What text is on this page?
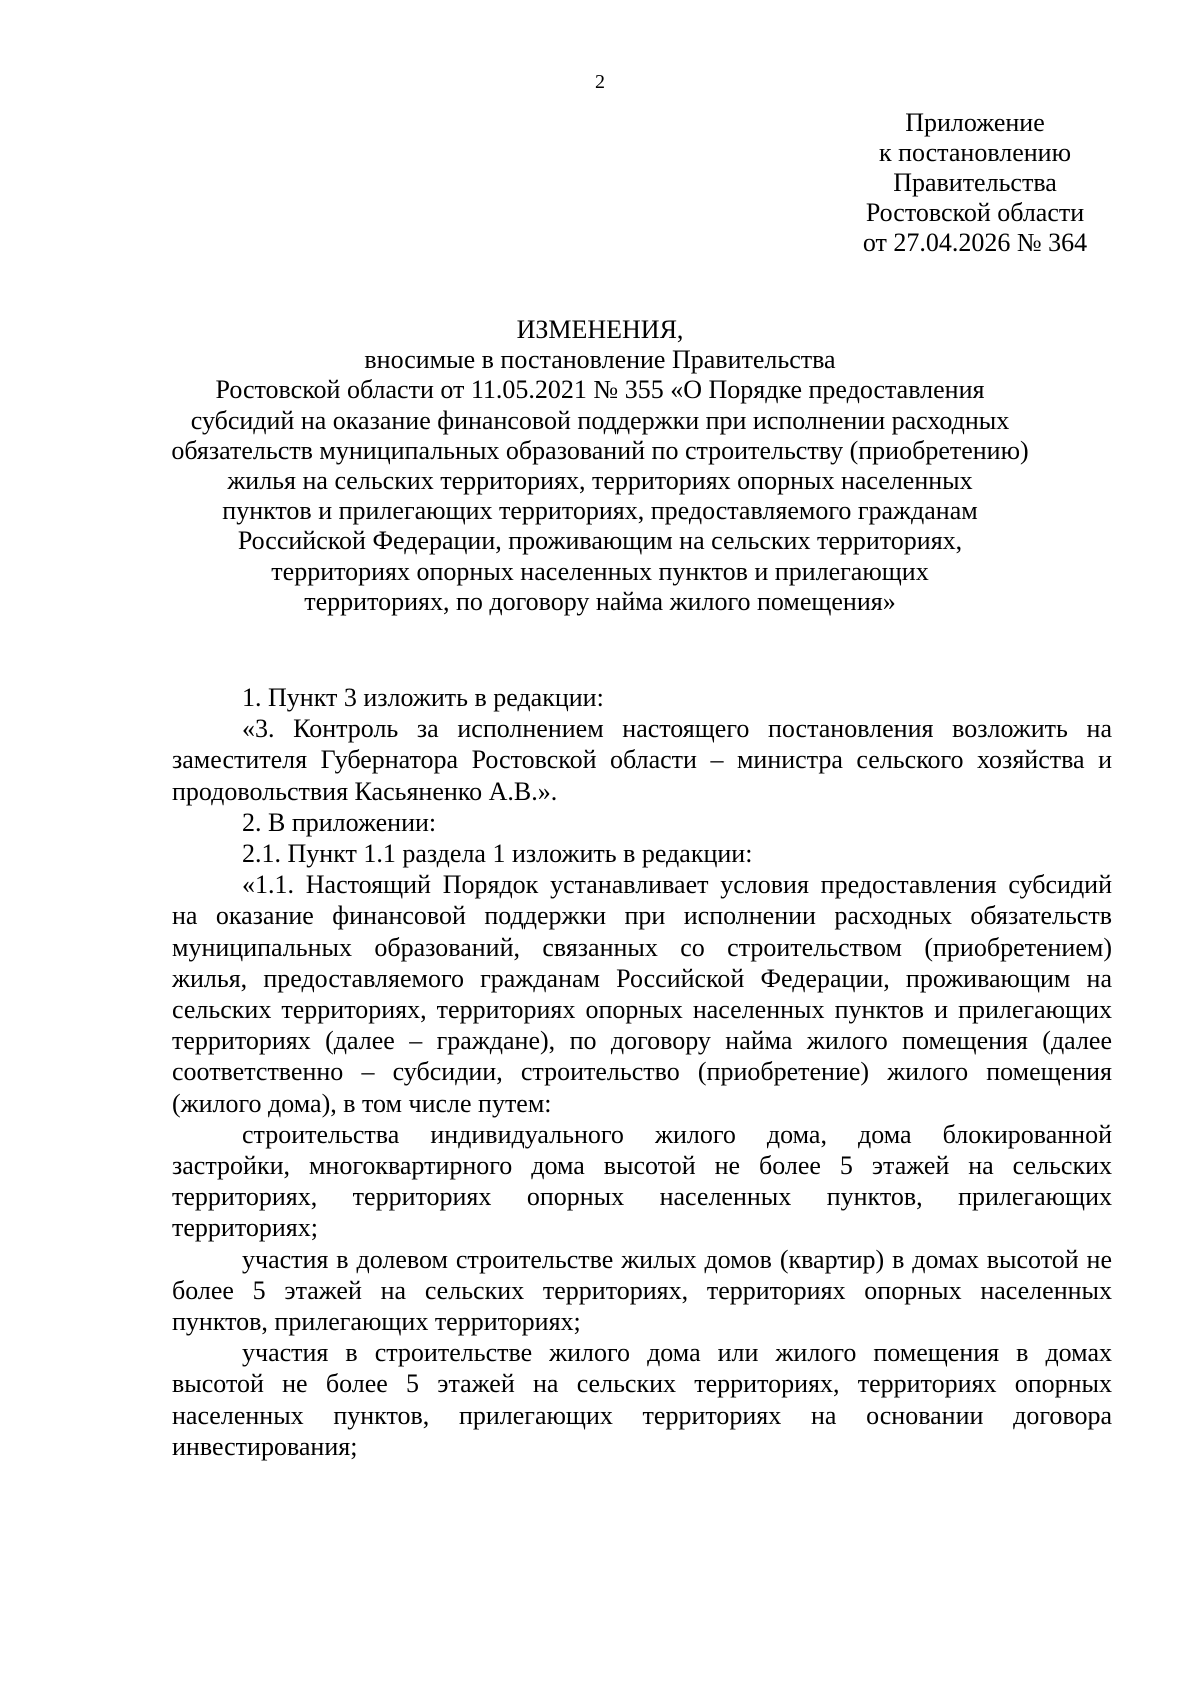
2
Приложение
к постановлению
Правительства
Ростовской области
от 27.04.2026 № 364
ИЗМЕНЕНИЯ,
вносимые в постановление Правительства
Ростовской области от 11.05.2021 № 355 «О Порядке предоставления
субсидий на оказание финансовой поддержки при исполнении расходных
обязательств муниципальных образований по строительству (приобретению)
жилья на сельских территориях, территориях опорных населенных
пунктов и прилегающих территориях, предоставляемого гражданам
Российской Федерации, проживающим на сельских территориях,
территориях опорных населенных пунктов и прилегающих
территориях, по договору найма жилого помещения»

1. Пункт 3 изложить в редакции:

«3. Контроль за исполнением настоящего постановления возложить на заместителя Губернатора Ростовской области – министра сельского хозяйства и продовольствия Касьяненко А.В.».

2. В приложении:

2.1. Пункт 1.1 раздела 1 изложить в редакции:

«1.1. Настоящий Порядок устанавливает условия предоставления субсидий на оказание финансовой поддержки при исполнении расходных обязательств муниципальных образований, связанных со строительством (приобретением) жилья, предоставляемого гражданам Российской Федерации, проживающим на сельских территориях, территориях опорных населенных пунктов и прилегающих территориях (далее – граждане), по договору найма жилого помещения (далее соответственно – субсидии, строительство (приобретение) жилого помещения (жилого дома), в том числе путем:

строительства индивидуального жилого дома, дома блокированной застройки, многоквартирного дома высотой не более 5 этажей на сельских территориях, территориях опорных населенных пунктов, прилегающих территориях;

участия в долевом строительстве жилых домов (квартир) в домах высотой не более 5 этажей на сельских территориях, территориях опорных населенных пунктов, прилегающих территориях;

участия в строительстве жилого дома или жилого помещения в домах высотой не более 5 этажей на сельских территориях, территориях опорных населенных пунктов, прилегающих территориях на основании договора инвестирования;
